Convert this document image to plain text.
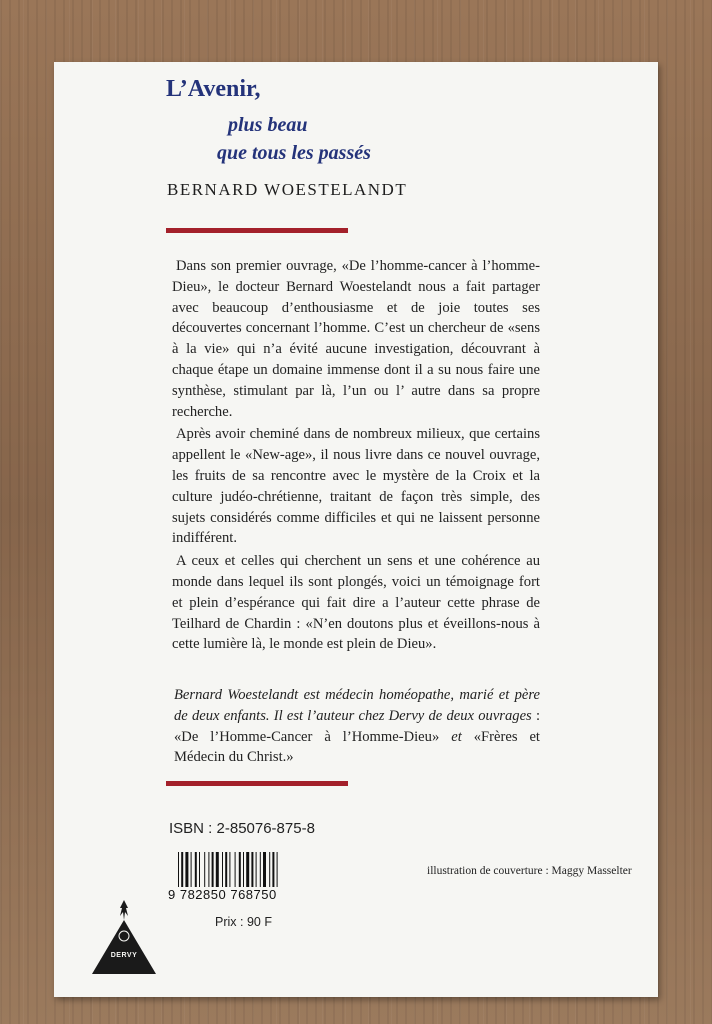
L’Avenir,
plus beau
que tous les passés
BERNARD WOESTELANDT

Dans son premier ouvrage, «De l’homme-cancer à l’homme-Dieu», le docteur Bernard Woestelandt nous a fait partager avec beaucoup d’enthousiasme et de joie toutes ses découvertes concernant l’homme. C’est un chercheur de «sens à la vie» qui n’a évité aucune investigation, découvrant à chaque étape un domaine immense dont il a su nous faire une synthèse, stimulant par là, l’un ou l’ autre dans sa propre recherche.

Après avoir cheminé dans de nombreux milieux, que certains appellent le «New-age», il nous livre dans ce nouvel ouvrage, les fruits de sa rencontre avec le mystère de la Croix et la culture judéo-chrétienne, traitant de façon très simple, des sujets considérés comme difficiles et qui ne laissent personne indifférent.

A ceux et celles qui cherchent un sens et une cohérence au monde dans lequel ils sont plongés, voici un témoignage fort et plein d’espérance qui fait dire a l’auteur cette phrase de Teilhard de Chardin : «N’en doutons plus et éveillons-nous à cette lumière là, le monde est plein de Dieu».

Bernard Woestelandt est médecin homéopathe, marié et père de deux enfants. Il est l’auteur chez Dervy de deux ouvrages : «De l’Homme-Cancer à l’Homme-Dieu» et «Frères et Médecin du Christ.»
ISBN : 2-85076-875-8
9 782850 768750
Prix : 90 F
illustration de couverture : Maggy Masselter
DERVY
